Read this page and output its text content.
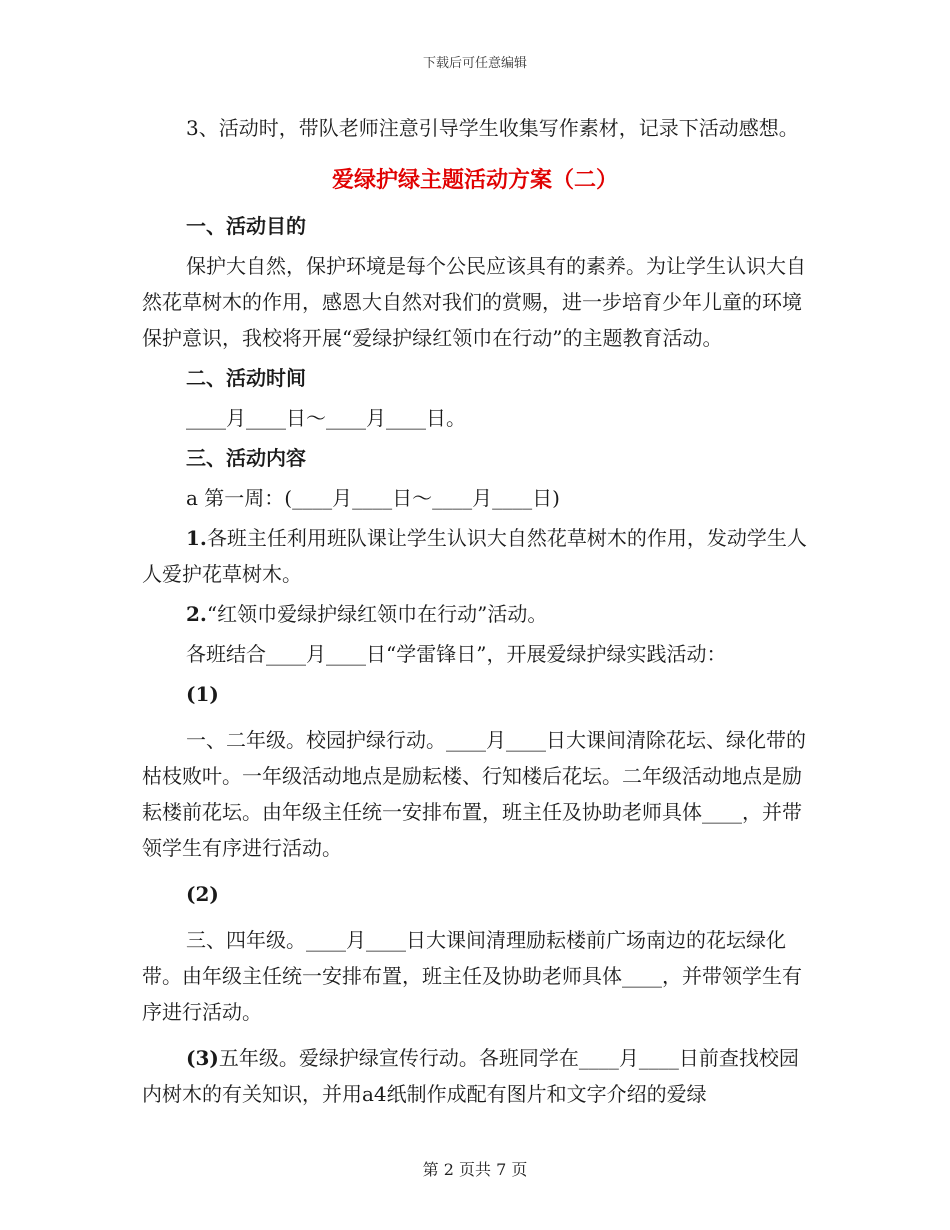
下载后可任意编辑

3、活动时，带队老师注意引导学生收集写作素材，记录下活动感想。

爱绿护绿主题活动方案（二）

一、活动目的

保护大自然，保护环境是每个公民应该具有的素养。为让学生认识大自然花草树木的作用，感恩大自然对我们的赏赐，进一步培育少年儿童的环境保护意识，我校将开展“爱绿护绿红领巾在行动”的主题教育活动。

二、活动时间

____月____日～____月____日。

三、活动内容

a 第一周：(____月____日～____月____日)

1.各班主任利用班队课让学生认识大自然花草树木的作用，发动学生人人爱护花草树木。

2.“红领巾爱绿护绿红领巾在行动”活动。

各班结合____月____日“学雷锋日”，开展爱绿护绿实践活动：

(1)

一、二年级。校园护绿行动。____月____日大课间清除花坛、绿化带的枯枝败叶。一年级活动地点是励耘楼、行知楼后花坛。二年级活动地点是励耘楼前花坛。由年级主任统一安排布置，班主任及协助老师具体____，并带领学生有序进行活动。

(2)

三、四年级。____月____日大课间清理励耘楼前广场南边的花坛绿化带。由年级主任统一安排布置，班主任及协助老师具体____，并带领学生有序进行活动。

(3)五年级。爱绿护绿宣传行动。各班同学在____月____日前查找校园内树木的有关知识，并用a4纸制作成配有图片和文字介绍的爱绿

第 2 页共 7 页
